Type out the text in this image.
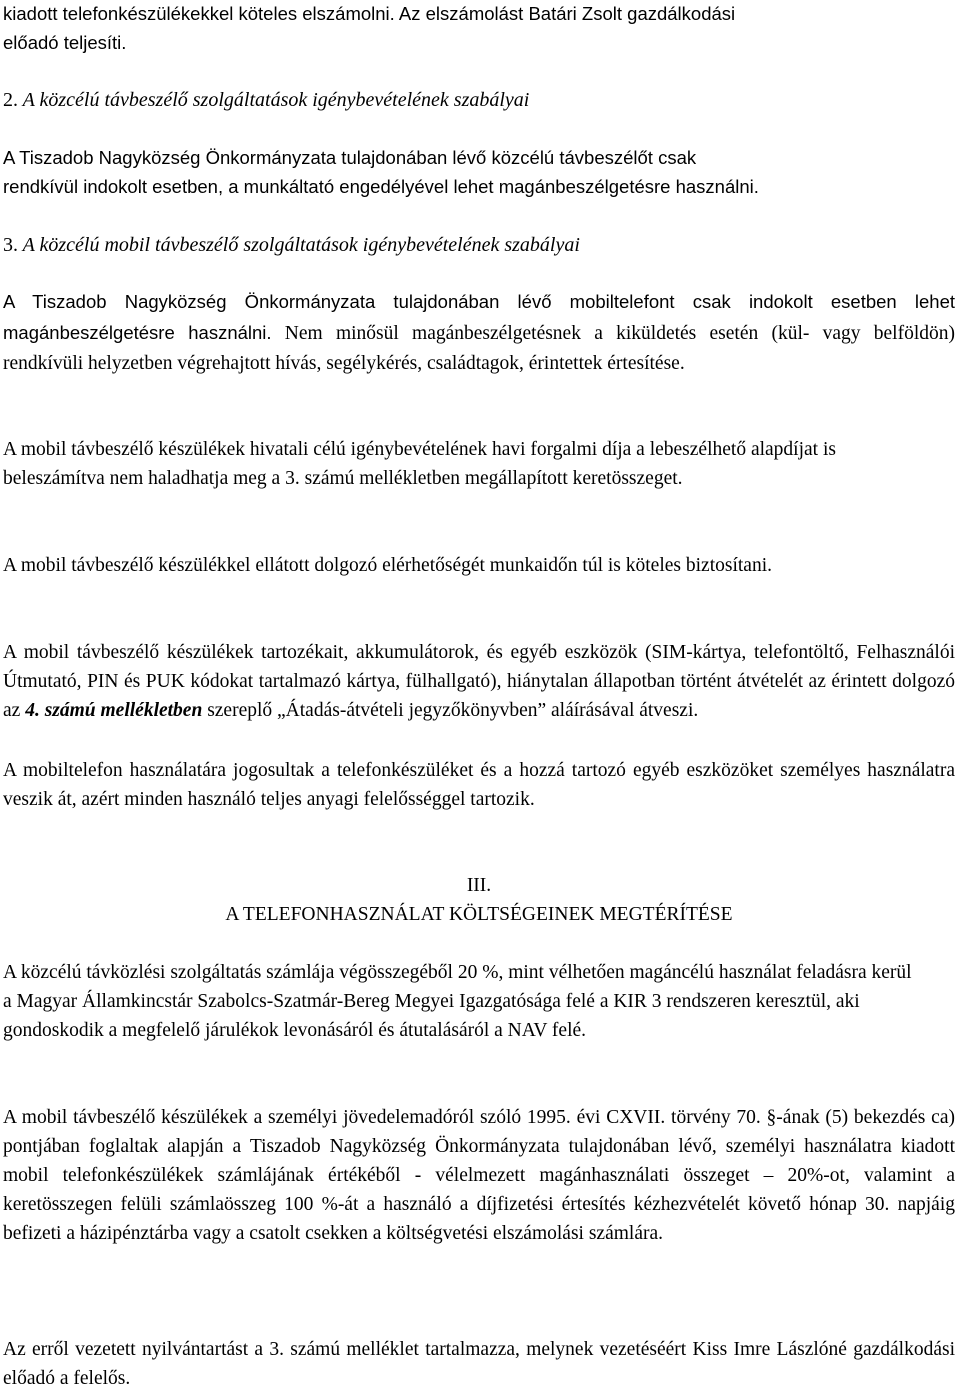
kiadott telefonkészülékekkel köteles elszámolni. Az elszámolást Batári Zsolt gazdálkodási
előadó teljesíti.
2. A közcélú távbeszélő szolgáltatások igénybevételének szabályai
A Tiszadob Nagyközség Önkormányzata tulajdonában lévő közcélú távbeszélőt csak
rendkívül indokolt esetben, a munkáltató engedélyével lehet magánbeszélgetésre használni.
3. A közcélú mobil távbeszélő szolgáltatások igénybevételének szabályai

A Tiszadob Nagyközség Önkormányzata tulajdonában lévő mobiltelefont csak indokolt esetben lehet magánbeszélgetésre használni. Nem minősül magánbeszélgetésnek a kiküldetés esetén (kül- vagy belföldön) rendkívüli helyzetben végrehajtott hívás, segélykérés, családtagok, érintettek értesítése.

A mobil távbeszélő készülékek hivatali célú igénybevételének havi forgalmi díja a lebeszélhető alapdíjat is beleszámítva nem haladhatja meg a 3. számú mellékletben megállapított keretösszeget.

A mobil távbeszélő készülékkel ellátott dolgozó elérhetőségét munkaidőn túl is köteles biztosítani.

A mobil távbeszélő készülékek tartozékait, akkumulátorok, és egyéb eszközök (SIM-kártya, telefontöltő, Felhasználói Útmutató, PIN és PUK kódokat tartalmazó kártya, fülhallgató), hiánytalan állapotban történt átvételét az érintett dolgozó az 4. számú mellékletben szereplő „Átadás-átvételi jegyzőkönyvben” aláírásával átveszi.

A mobiltelefon használatára jogosultak a telefonkészüléket és a hozzá tartozó egyéb eszközöket személyes használatra veszik át, azért minden használó teljes anyagi felelősséggel tartozik.

III.
A TELEFONHASZNÁLAT KÖLTSÉGEINEK MEGTÉRÍTÉSE

A közcélú távközlési szolgáltatás számlája végösszegéből 20 %, mint vélhetően magáncélú használat feladásra kerül a Magyar Államkincstár Szabolcs-Szatmár-Bereg Megyei Igazgatósága felé a KIR 3 rendszeren keresztül, aki gondoskodik a megfelelő járulékok levonásáról és átutalásáról a NAV felé.

A mobil távbeszélő készülékek a személyi jövedelemadóról szóló 1995. évi CXVII. törvény 70. §-ának (5) bekezdés ca) pontjában foglaltak alapján a Tiszadob Nagyközség Önkormányzata tulajdonában lévő, személyi használatra kiadott mobil telefonkészülékek számlájának értékéből - vélelmezett magánhasználati összeget – 20%-ot, valamint a keretösszegen felüli számlaösszeg 100 %-át a használó a díjfizetési értesítés kézhezvételét követő hónap 30. napjáig befizeti a házipénztárba vagy a csatolt csekken a költségvetési elszámolási számlára.

Az erről vezetett nyilvántartást a 3. számú melléklet tartalmazza, melynek vezetéséért Kiss Imre Lászlóné gazdálkodási előadó a felelős.
